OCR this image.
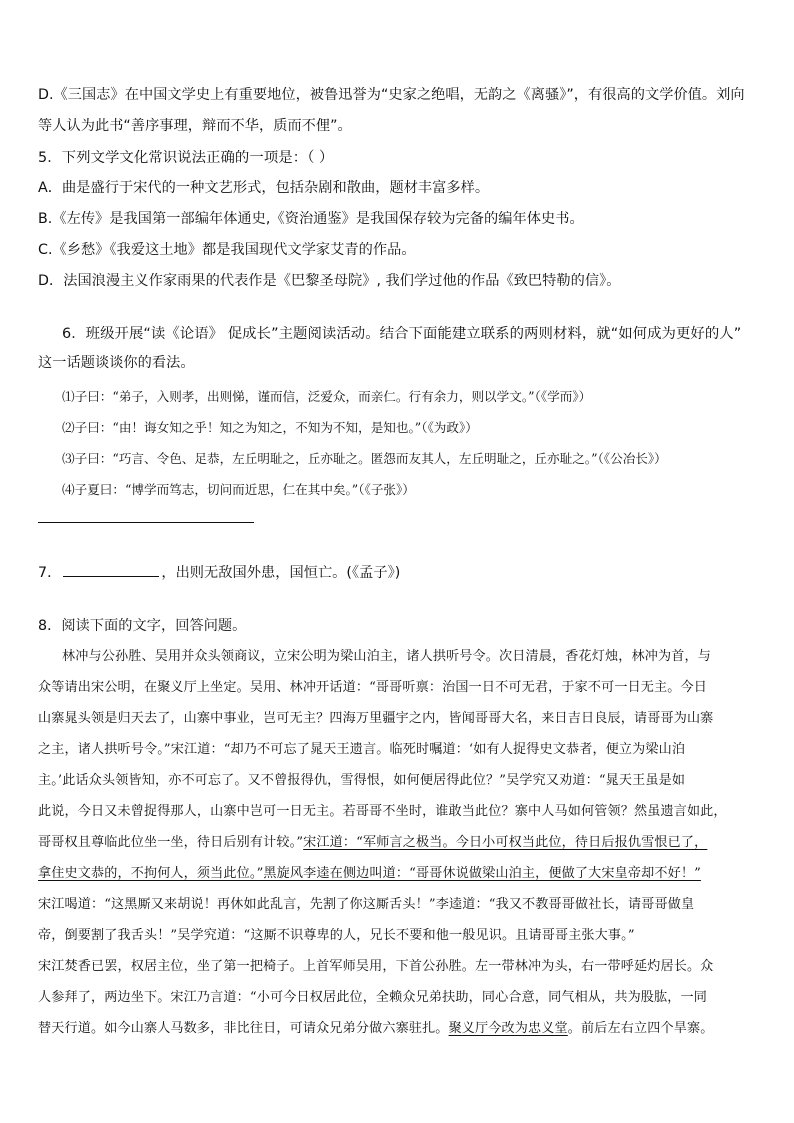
D.《三国志》在中国文学史上有重要地位，被鲁迅誉为“史家之绝唱，无韵之《离骚》”，有很高的文学价值。刘向
等人认为此书“善序事理，辩而不华，质而不俚”。
5．下列文学文化常识说法正确的一项是：（ ）
A．曲是盛行于宋代的一种文艺形式，包括杂剧和散曲，题材丰富多样。
B.《左传》是我国第一部编年体通史,《资治通鉴》是我国保存较为完备的编年体史书。
C.《乡愁》《我爱这土地》都是我国现代文学家艾青的作品。
D．法国浪漫主义作家雨果的代表作是《巴黎圣母院》, 我们学过他的作品《致巴特勒的信》。
6．班级开展“读《论语》 促成长”主题阅读活动。结合下面能建立联系的两则材料，就“如何成为更好的人”
这一话题谈谈你的看法。
⑴子曰：“弟子，入则孝，出则悌，谨而信，泛爱众，而亲仁。行有余力，则以学文。”（《学而》）
⑵子曰：“由！诲女知之乎！知之为知之，不知为不知，是知也。”（《为政》）
⑶子曰：“巧言、令色、足恭，左丘明耻之，丘亦耻之。匿怨而友其人，左丘明耻之，丘亦耻之。”（《公冶长》）
⑷子夏曰：“博学而笃志，切问而近思，仁在其中矣。”（《子张》）
7．	，出则无敌国外患，国恒亡。(《孟子》)
8．阅读下面的文字，回答问题。
林冲与公孙胜、吴用并众头领商议，立宋公明为梁山泊主，诸人拱听号令。次日清晨，香花灯烛，林冲为首，与
众等请出宋公明，在聚义厅上坐定。吴用、林冲开话道：“哥哥听禀：治国一日不可无君，于家不可一日无主。今日
山寨晁头领是归天去了，山寨中事业，岂可无主？四海万里疆宇之内，皆闻哥哥大名，来日吉日良辰，请哥哥为山寨
之主，诸人拱听号令。”宋江道：“却乃不可忘了晁天王遗言。临死时嘱道：‘如有人捉得史文恭者，便立为梁山泊
主。’此话众头领皆知，亦不可忘了。又不曾报得仇，雪得恨，如何便居得此位？”吴学究又劝道：“晁天王虽是如
此说，今日又未曾捉得那人，山寨中岂可一日无主。若哥哥不坐时，谁敢当此位？寨中人马如何管领？然虽遗言如此，
哥哥权且尊临此位坐一坐，待日后别有计较。”宋江道：“军师言之极当。今日小可权当此位，待日后报仇雪恨已了，
拿住史文恭的，不拘何人，须当此位。”黑旋风李逵在侧边叫道：“哥哥休说做梁山泊主，便做了大宋皇帝却不好！”
宋江喝道：“这黑厮又来胡说！再休如此乱言，先割了你这厮舌头！”李逵道：“我又不教哥哥做社长，请哥哥做皇
帝，倒要割了我舌头！”吴学究道：“这厮不识尊卑的人，兄长不要和他一般见识。且请哥哥主张大事。”
宋江焚香已罢，权居主位，坐了第一把椅子。上首军师吴用，下首公孙胜。左一带林冲为头，右一带呼延灼居长。众
人参拜了，两边坐下。宋江乃言道：“小可今日权居此位，全赖众兄弟扶助，同心合意，同气相从，共为股肱，一同
替天行道。如今山寨人马数多，非比往日，可请众兄弟分做六寨驻扎。聚义厅今改为忠义堂。前后左右立四个旱寨。
